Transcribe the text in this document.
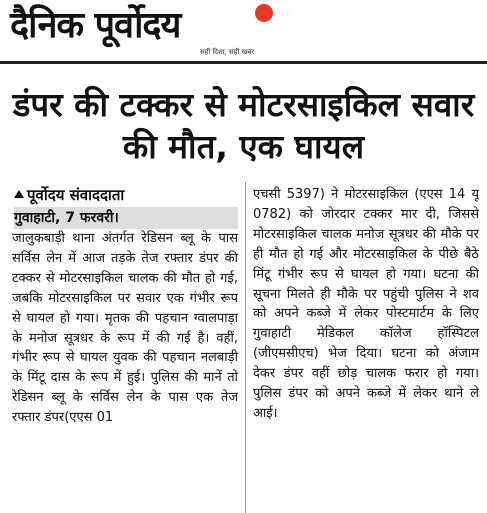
दैनिक पूर्वोदय
सही दिशा, सही खबर
डंपर की टक्कर से मोटरसाइकिल सवार की मौत, एक घायल
पूर्वोदय संवाददाता
गुवाहाटी, 7 फरवरी।
जालुकबाड़ी थाना अंतर्गत रेडिसन ब्लू के पास सर्विस लेन में आज तड़के तेज रफ्तार डंपर की टक्कर से मोटरसाइकिल चालक की मौत हो गई, जबकि मोटरसाइकिल पर सवार एक गंभीर रूप से घायल हो गया। मृतक की पहचान ग्वालपाड़ा के मनोज सूत्रधर के रूप में की गई है। वहीं, गंभीर रूप से घायल युवक की पहचान नलबाड़ी के मिंटू दास के रूप में हुई। पुलिस की मानें तो रेडिसन ब्लू के सर्विस लेन के पास एक तेज रफ्तार डंपर(एएस 01
एचसी 5397) ने मोटरसाइकिल (एएस 14 यू 0782) को जोरदार टक्कर मार दी, जिससे मोटरसाइकिल चालक मनोज सूत्रधर की मौके पर ही मौत हो गई और मोटरसाइकिल के पीछे बैठे मिंटू गंभीर रूप से घायल हो गया। घटना की सूचना मिलते ही मौके पर पहुंची पुलिस ने शव को अपने कब्जे में लेकर पोस्टमार्टम के लिए गुवाहाटी मेडिकल कॉलेज हॉस्पिटल (जीएमसीएच) भेज दिया। घटना को अंजाम देकर डंपर वहीं छोड़ चालक फरार हो गया। पुलिस डंपर को अपने कब्जे में लेकर थाने ले आई।
